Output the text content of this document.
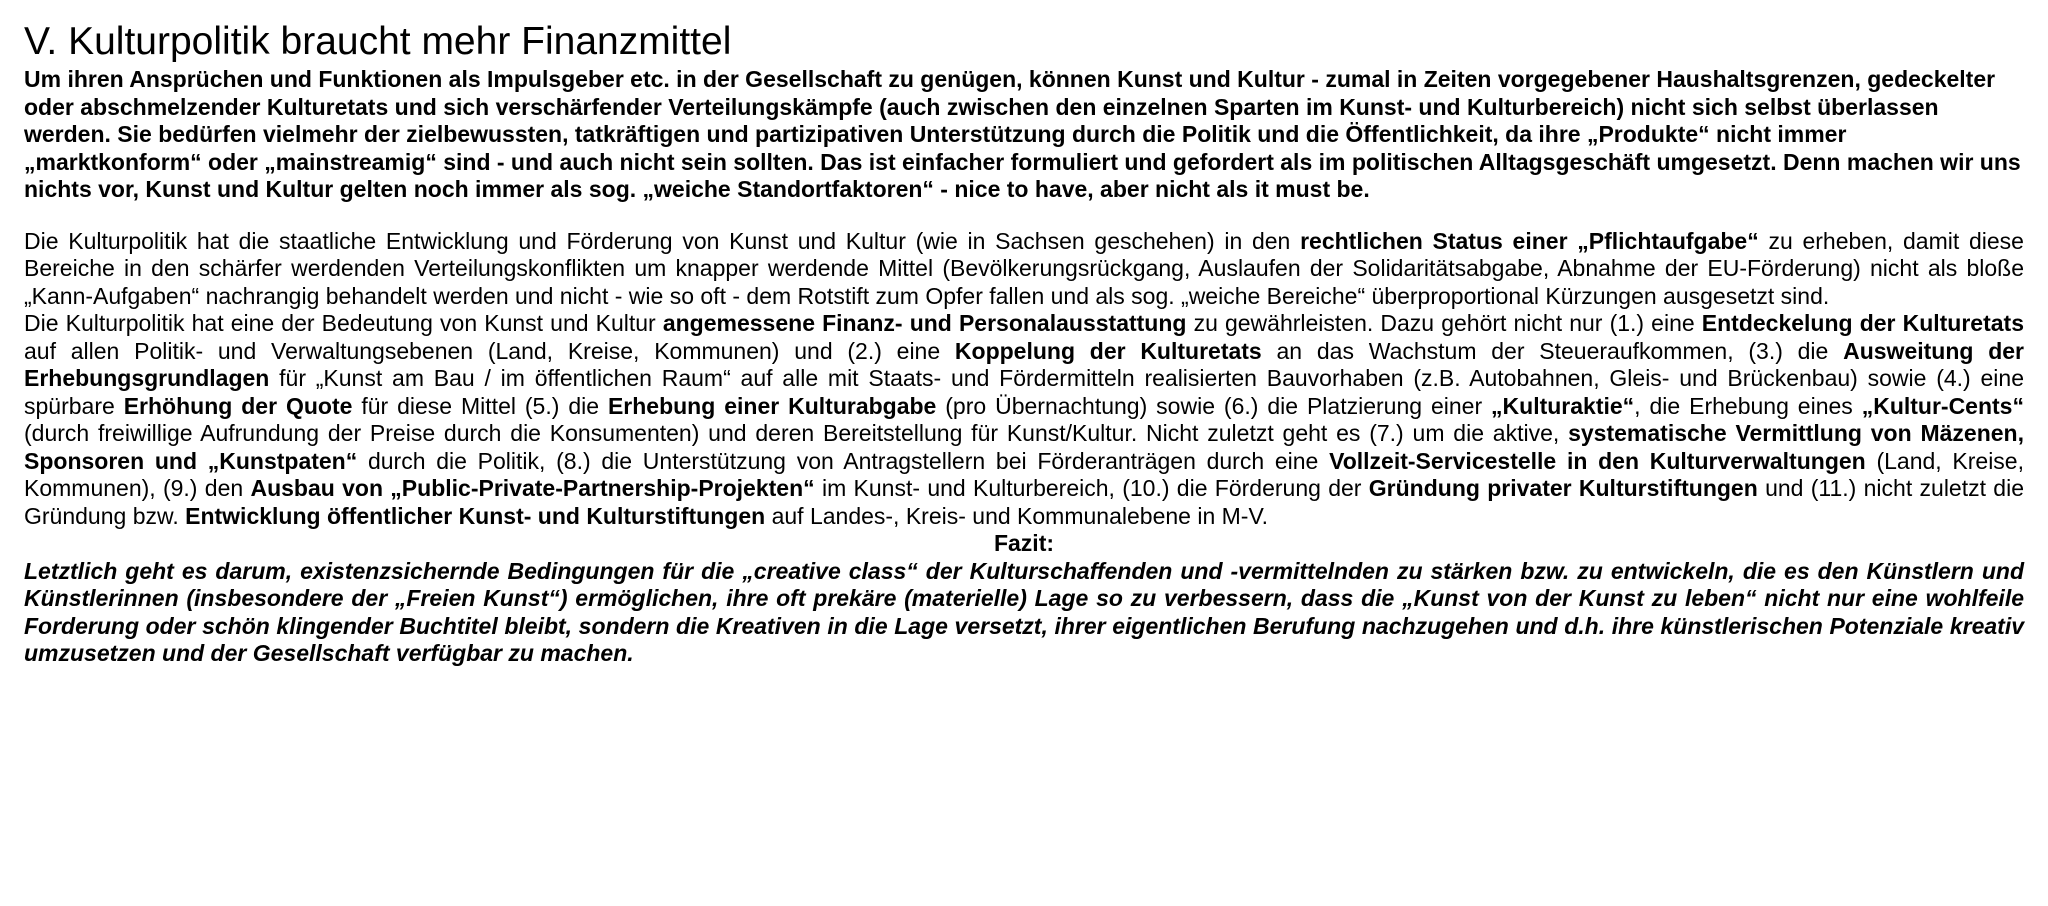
V. Kulturpolitik braucht mehr Finanzmittel

Um ihren Ansprüchen und Funktionen als Impulsgeber etc. in der Gesellschaft zu genügen, können Kunst und Kultur - zumal in Zeiten vorgegebener Haushaltsgrenzen, gedeckelter oder abschmelzender Kulturetats und sich verschärfender Verteilungskämpfe (auch zwischen den einzelnen Sparten im Kunst- und Kulturbereich) nicht sich selbst überlassen werden. Sie bedürfen vielmehr der zielbewussten, tatkräftigen und partizipativen Unterstützung durch die Politik und die Öffentlichkeit, da ihre „Produkte“ nicht immer „marktkonform“ oder „mainstreamig“ sind - und auch nicht sein sollten. Das ist einfacher formuliert und gefordert als im politischen Alltagsgeschäft umgesetzt. Denn machen wir uns nichts vor, Kunst und Kultur gelten noch immer als sog. „weiche Standortfaktoren“ - nice to have, aber nicht als it must be.

Die Kulturpolitik hat die staatliche Entwicklung und Förderung von Kunst und Kultur (wie in Sachsen geschehen) in den rechtlichen Status einer „Pflichtaufgabe“ zu erheben, damit diese Bereiche in den schärfer werdenden Verteilungskonflikten um knapper werdende Mittel (Bevölkerungsrückgang, Auslaufen der Solidaritätsabgabe, Abnahme der EU-Förderung) nicht als bloße „Kann-Aufgaben“ nachrangig behandelt werden und nicht - wie so oft - dem Rotstift zum Opfer fallen und als sog. „weiche Bereiche“ überproportional Kürzungen ausgesetzt sind.

Die Kulturpolitik hat eine der Bedeutung von Kunst und Kultur angemessene Finanz- und Personalausstattung zu gewährleisten. Dazu gehört nicht nur (1.) eine Entdeckelung der Kulturetats auf allen Politik- und Verwaltungsebenen (Land, Kreise, Kommunen) und (2.) eine Koppelung der Kulturetats an das Wachstum der Steueraufkommen, (3.) die Ausweitung der Erhebungsgrundlagen für „Kunst am Bau / im öffentlichen Raum“ auf alle mit Staats- und Fördermitteln realisierten Bauvorhaben (z.B. Autobahnen, Gleis- und Brückenbau) sowie (4.) eine spürbare Erhöhung der Quote für diese Mittel (5.) die Erhebung einer Kulturabgabe (pro Übernachtung) sowie (6.) die Platzierung einer „Kulturaktie“, die Erhebung eines „Kultur-Cents“ (durch freiwillige Aufrundung der Preise durch die Konsumenten) und deren Bereitstellung für Kunst/Kultur. Nicht zuletzt geht es (7.) um die aktive, systematische Vermittlung von Mäzenen, Sponsoren und „Kunstpaten“ durch die Politik, (8.) die Unterstützung von Antragstellern bei Förderanträgen durch eine Vollzeit-Servicestelle in den Kulturverwaltungen (Land, Kreise, Kommunen), (9.) den Ausbau von „Public-Private-Partnership-Projekten“ im Kunst- und Kulturbereich, (10.) die Förderung der Gründung privater Kulturstiftungen und (11.) nicht zuletzt die Gründung bzw. Entwicklung öffentlicher Kunst- und Kulturstiftungen auf Landes-, Kreis- und Kommunalebene in M-V.

Fazit:

Letztlich geht es darum, existenzsichernde Bedingungen für die „creative class“ der Kulturschaffenden und -vermittelnden zu stärken bzw. zu entwickeln, die es den Künstlern und Künstlerinnen (insbesondere der „Freien Kunst“) ermöglichen, ihre oft prekäre (materielle) Lage so zu verbessern, dass die „Kunst von der Kunst zu leben“ nicht nur eine wohlfeile Forderung oder schön klingender Buchtitel bleibt, sondern die Kreativen in die Lage versetzt, ihrer eigentlichen Berufung nachzugehen und d.h. ihre künstlerischen Potenziale kreativ umzusetzen und der Gesellschaft verfügbar zu machen.
